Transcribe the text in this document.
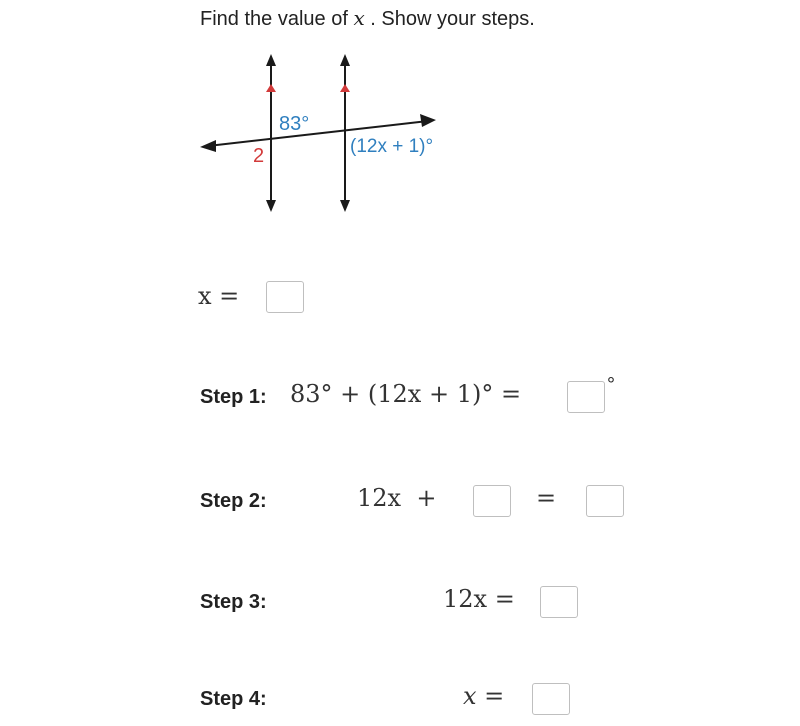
Find the value of x . Show your steps.
83°
2	(12x + 1)°
x =
Step 1: 83° + (12x + 1)° =	°
Step 2:	12x  +	=
Step 3:	12x =
Step 4:	x =
